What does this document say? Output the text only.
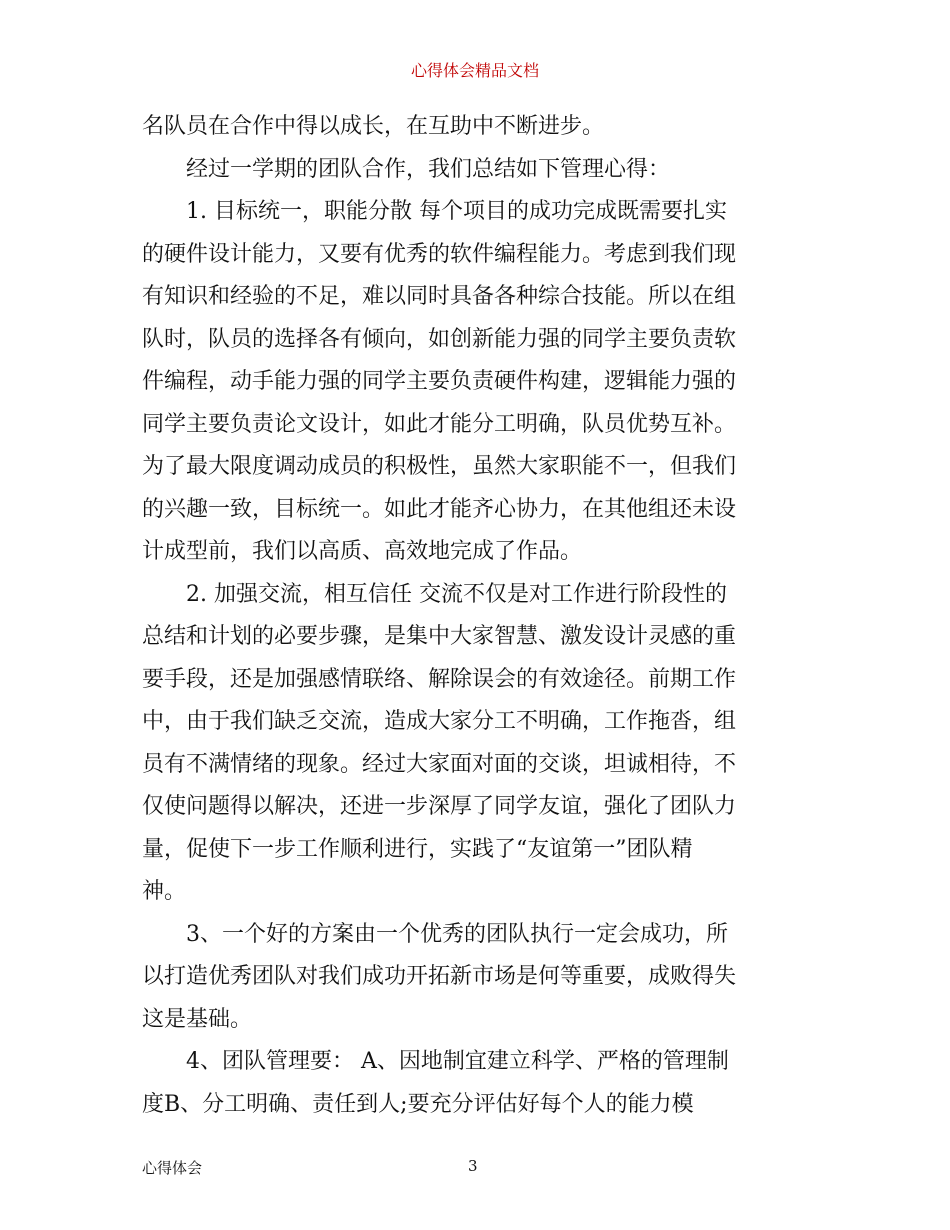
心得体会精品文档
名队员在合作中得以成长，在互助中不断进步。
经过一学期的团队合作，我们总结如下管理心得：
1. 目标统一，职能分散 每个项目的成功完成既需要扎实
的硬件设计能力，又要有优秀的软件编程能力。考虑到我们现
有知识和经验的不足，难以同时具备各种综合技能。所以在组
队时，队员的选择各有倾向，如创新能力强的同学主要负责软
件编程，动手能力强的同学主要负责硬件构建，逻辑能力强的
同学主要负责论文设计，如此才能分工明确，队员优势互补。
为了最大限度调动成员的积极性，虽然大家职能不一，但我们
的兴趣一致，目标统一。如此才能齐心协力，在其他组还未设
计成型前，我们以高质、高效地完成了作品。
2. 加强交流，相互信任 交流不仅是对工作进行阶段性的
总结和计划的必要步骤，是集中大家智慧、激发设计灵感的重
要手段，还是加强感情联络、解除误会的有效途径。前期工作
中，由于我们缺乏交流，造成大家分工不明确，工作拖沓，组
员有不满情绪的现象。经过大家面对面的交谈，坦诚相待，不
仅使问题得以解决，还进一步深厚了同学友谊，强化了团队力
量，促使下一步工作顺利进行，实践了“友谊第一”团队精
神。
3、一个好的方案由一个优秀的团队执行一定会成功，所
以打造优秀团队对我们成功开拓新市场是何等重要，成败得失
这是基础。
4、团队管理要： A、因地制宜建立科学、严格的管理制
度B、分工明确、责任到人;要充分评估好每个人的能力模
心得体会	3
